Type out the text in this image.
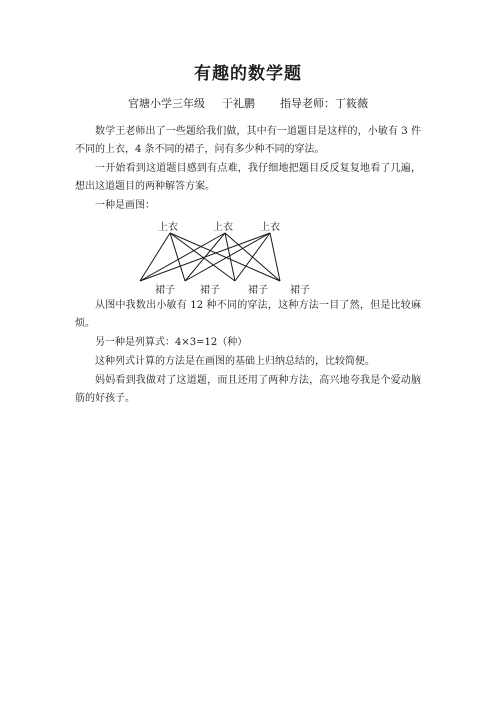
有趣的数学题
官塘小学三年级 于礼鹏 指导老师：丁筱薇
数学王老师出了一些题给我们做，其中有一道题目是这样的，小敏有 3 件不同的上衣，4 条不同的裙子，问有多少种不同的穿法。
一开始看到这道题目感到有点难，我仔细地把题目反反复复地看了几遍，想出这道题目的两种解答方案。
一种是画图：
上衣	上衣	上衣
裙子	裙子	裙子 裙子
从图中我数出小敏有 12 种不同的穿法，这种方法一目了然，但是比较麻烦。
另一种是列算式：4×3=12（种）
这种列式计算的方法是在画图的基础上归纳总结的，比较简便。
妈妈看到我做对了这道题，而且还用了两种方法，高兴地夸我是个爱动脑筋的好孩子。
